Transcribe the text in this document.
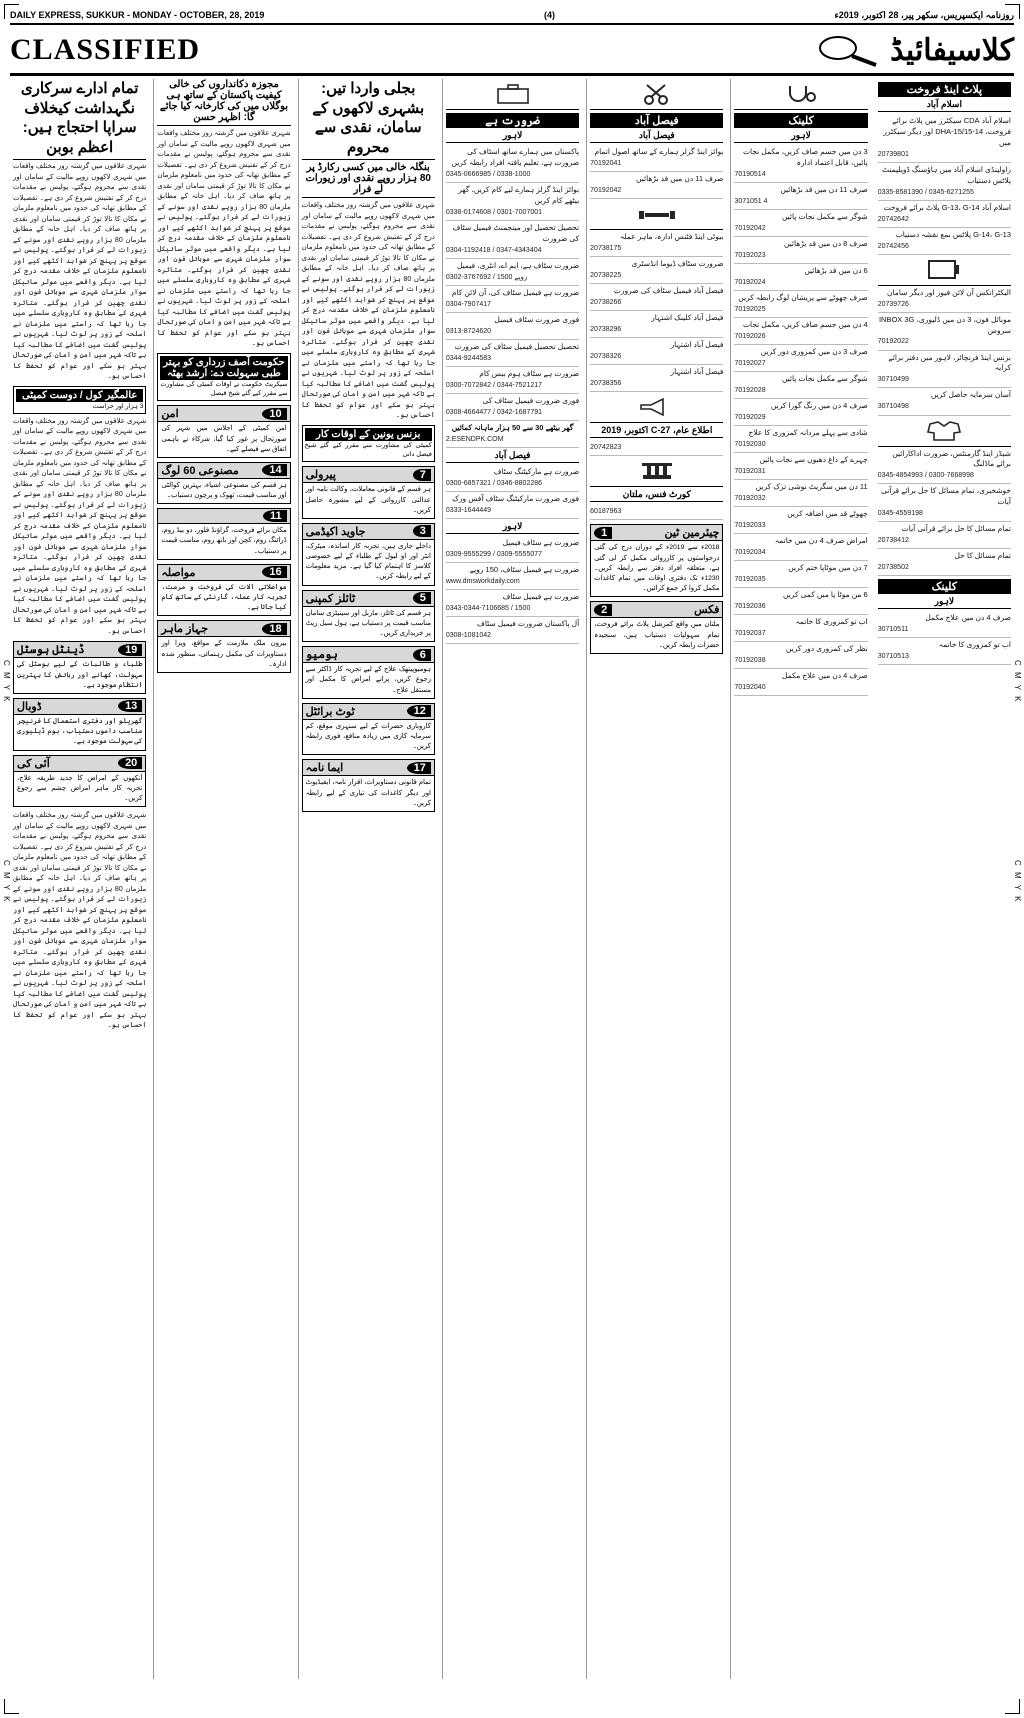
C M Y K
C M Y K
C M Y K
C M Y K
DAILY EXPRESS, SUKKUR - MONDAY - OCTOBER, 28, 2019	(4)	روزنامہ ایکسپریس، سکھر پیر، 28 اکتوبر، 2019ء
CLASSIFIED	کلاسیفائیڈ
پلاٹ اینڈ فروخت
اسلام آباد
اسلام آباد CDA سیکٹرز میں پلاٹ برائے فروخت، DHA-15/15-14 اور دیگر سیکٹرز میں
20739801
راولپنڈی اسلام آباد میں ہاؤسنگ ڈویلپمنٹ پلاٹس دستیاب
0335-8581390 / 0345-6271255
اسلام آباد G-13، G-14 پلاٹ برائے فروخت
20742642
G-14، G-13 پلاٹس بمع نقشہ دستیاب
20742456
الیکٹرانکس آن لائن فیوز اور دیگر سامان
20739726
موبائل فون، 3 دن میں ڈلیوری، INBOX 3G سروس
70192022
بزنس اینڈ فرنچائز، لاہور میں دفتر برائے کرایہ
30710499
آسان سرمایہ حاصل کریں
30710498
شیڈز اینڈ گارمنٹس، ضرورت اداکارائیں برائے ماڈلنگ
0345-4854993 / 0300-7668998
خوشخبری، تمام مسائل کا حل برائے قرآنی آیات
0345-4559198
تمام مسائل کا حل برائے قرآنی آیات
20738412
تمام مسائل کا حل
20738502
کلینک
لاہور
صرف 4 دن میں علاج مکمل
30710511
اب تو کمزوری کا خاتمہ
30710513
کلینک
لاہور
3 دن میں جسم صاف کریں، مکمل نجات پائیں، قابل اعتماد ادارہ
70190514
صرف 11 دن میں قد بڑھائیں
3071051 4
شوگر سے مکمل نجات پائیں
70192042
صرف 8 دن میں قد بڑھائیں
70192023
6 دن میں قد بڑھائیں
70192024
صرف چھوٹے سے پریشان لوگ رابطہ کریں
70192025
4 دن میں جسم صاف کریں، مکمل نجات
70192026
صرف 3 دن میں کمزوری دور کریں
70192027
شوگر سے مکمل نجات پائیں
70192028
صرف 4 دن میں رنگ گورا کریں
70192029
شادی سے پہلے مردانہ کمزوری کا علاج
70192030
چہرے کے داغ دھبوں سے نجات پائیں
70192031
11 دن میں سگریٹ نوشی ترک کریں
70192032
چھوٹے قد میں اضافہ کریں
70192033
امراض صرف 4 دن میں خاتمہ
70192034
7 دن میں موٹاپا ختم کریں
70192035
6 من موٹا پا میں کمی کریں
70192036
اب تو کمزوری کا خاتمہ
70192037
نظر کی کمزوری دور کریں
70192038
صرف 4 دن میں علاج مکمل
70192040
فیصل آباد
فیصل آباد
بوائز اینڈ گرلز ہمارے کے ساتھ اصول اتمام
70192041
صرف 11 دن میں قد بڑھائیں
70192042
بیوٹی اینڈ فٹنس ادارہ، ماہر عملہ
20738175
ضرورت سٹاف ڈیوما انڈسٹری
20738225
فیصل آباد فیمیل سٹاف کی ضرورت
20738266
فیصل آباد کلینک اشتہار
20738296
فیصل آباد اشتہار
20738326
فیصل آباد اشتہار
20738356
اطلاع عام، 27-C اکتوبر، 2019
20742823
کورٹ فنس، ملتان
60187963
1	چیئرمین ٹین
2018ء سے 2019ء کے دوران درج کی گئی درخواستوں پر کارروائی مکمل کر لی گئی ہے، متعلقہ افراد دفتر سے رابطہ کریں۔ 1230ء تک دفتری اوقات میں تمام کاغذات مکمل کروا کر جمع کرائیں۔
2	فکس
ملتان میں واقع کمرشل پلاٹ برائے فروخت، تمام سہولیات دستیاب ہیں، سنجیدہ حضرات رابطہ کریں۔
ضرورت ہے
لاہور
پاکستان میں ہمارے ساتھ اسٹاف کی ضرورت ہے، تعلیم یافتہ افراد رابطہ کریں
0345-0666985 / 0338-1000
بوائز اینڈ گرلز ہمارے لیے کام کریں، گھر بیٹھے کام کریں
0338-0174608 / 0301-7007001
تحصیل تحصیل اور مینجمنٹ فیمیل سٹاف کی ضرورت
0304-1192418 / 0347-4343404
ضرورت سٹاف ہے، ایم اے، انٹری، فیمیل
0302-3767692 / 1500 روپے
ضرورت ہے فیمیل سٹاف کی، آن لائن کام
0304-7907417
فوری ضرورت سٹاف فیمیل
0313-8724620
تحصیل تحصیل فیمیل سٹاف کی ضرورت
0344-9244583
ضرورت ہے سٹاف ہوم بیس کام
0300-7072842 / 0344-7521217
فوری ضرورت فیمیل سٹاف کی
0308-4664477 / 0342-1687791
گھر بیٹھے 30 سے 50 ہزار ماہانہ کمائیں
2.ESENDPK.COM
فیصل آباد
ضرورت ہے مارکیٹنگ سٹاف
0300-6857321 / 0346-8802286
فوری ضرورت مارکیٹنگ سٹاف آفس ورک
0333-1644449
لاہور
ضرورت ہے سٹاف فیمیل
0309-9555299 / 0309-5555077
ضرورت ہے فیمیل سٹاف، 150 روپے
www.dmsworkdaily.com
ضرورت ہے فیمیل سٹاف
0343-0344-7106685 / 1500
آل پاکستان ضرورت فیمیل سٹاف
0308-1081042
بجلی واردا تیں: بشہری لاکھوں کے سامان، نقدی سے محروم
بنگلہ خالی میں کسی رکارڈ پر 80 ہزار روپے نقدی اور زیورات لے فرار
شہری علاقوں میں گزشتہ روز مختلف واقعات میں شہری لاکھوں روپے مالیت کے سامان اور نقدی سے محروم ہوگئے، پولیس نے مقدمات درج کر کے تفتیش شروع کر دی ہے۔ تفصیلات کے مطابق تھانہ کی حدود میں نامعلوم ملزمان نے مکان کا تالا توڑ کر قیمتی سامان اور نقدی پر ہاتھ صاف کر دیا۔ اہل خانہ کے مطابق ملزمان 80 ہزار روپے نقدی اور سونے کے زیورات لے کر فرار ہوگئے۔ پولیس نے موقع پر پہنچ کر شواہد اکٹھے کیے اور نامعلوم ملزمان کے خلاف مقدمہ درج کر لیا ہے۔ دیگر واقعے میں موٹر سائیکل سوار ملزمان شہری سے موبائل فون اور نقدی چھین کر فرار ہوگئے۔ متاثرہ شہری کے مطابق وہ کاروباری سلسلے میں جا رہا تھا کہ راستے میں ملزمان نے اسلحہ کے زور پر لوٹ لیا۔ شہریوں نے پولیس گشت میں اضافے کا مطالبہ کیا ہے تاکہ شہر میں امن و امان کی صورتحال بہتر ہو سکے اور عوام کو تحفظ کا احساس ہو۔
بزنس یونین کے اوقات کار
کمیٹی کی مشاورت سے مقرر کیے گئے شیخ فیصل دانی
7
پیرولی
ہر قسم کے قانونی معاملات، وکالت نامہ اور عدالتی کارروائی کے لیے مشورہ حاصل کریں۔
3
جاوید اکیڈمی
داخلے جاری ہیں، تجربہ کار اساتذہ، میٹرک، انٹر اور او لیول کے طلباء کے لیے خصوصی کلاسز کا اہتمام کیا گیا ہے۔ مزید معلومات کے لیے رابطہ کریں۔
5
ٹائلز کمپنی
ہر قسم کی ٹائلز، ماربل اور سینیٹری سامان مناسب قیمت پر دستیاب ہے، ہول سیل ریٹ پر خریداری کریں۔
6
ہومیو
ہومیوپیتھک علاج کے لیے تجربہ کار ڈاکٹر سے رجوع کریں، پرانے امراض کا مکمل اور مستقل علاج۔
12
ٹوٹ برائٹل
کاروباری حضرات کے لیے سنہری موقع، کم سرمایہ کاری میں زیادہ منافع، فوری رابطہ کریں۔
17
ایما نامہ
تمام قانونی دستاویزات، اقرار نامہ، ایفیڈیوٹ اور دیگر کاغذات کی تیاری کے لیے رابطہ کریں۔
مجوزہ دکانداروں کی خالی کیفیت پاکستان کے ساتھ ہی بوگلاں میں کی کارخانہ کیا جائے گا: اظہر حسن
شہری علاقوں میں گزشتہ روز مختلف واقعات میں شہری لاکھوں روپے مالیت کے سامان اور نقدی سے محروم ہوگئے، پولیس نے مقدمات درج کر کے تفتیش شروع کر دی ہے۔ تفصیلات کے مطابق تھانہ کی حدود میں نامعلوم ملزمان نے مکان کا تالا توڑ کر قیمتی سامان اور نقدی پر ہاتھ صاف کر دیا۔ اہل خانہ کے مطابق ملزمان 80 ہزار روپے نقدی اور سونے کے زیورات لے کر فرار ہوگئے۔ پولیس نے موقع پر پہنچ کر شواہد اکٹھے کیے اور نامعلوم ملزمان کے خلاف مقدمہ درج کر لیا ہے۔ دیگر واقعے میں موٹر سائیکل سوار ملزمان شہری سے موبائل فون اور نقدی چھین کر فرار ہوگئے۔ متاثرہ شہری کے مطابق وہ کاروباری سلسلے میں جا رہا تھا کہ راستے میں ملزمان نے اسلحہ کے زور پر لوٹ لیا۔ شہریوں نے پولیس گشت میں اضافے کا مطالبہ کیا ہے تاکہ شہر میں امن و امان کی صورتحال بہتر ہو سکے اور عوام کو تحفظ کا احساس ہو۔
حکومت آصف زرداری کو بہتر طبی سہولت دے: ارشد بھٹہ
سیکریٹ حکومت نے اوقات کمیٹی کی مشاورت سے مقرر کیے گئے شیخ فیصل
10
امن
امن کمیٹی کے اجلاس میں شہر کی صورتحال پر غور کیا گیا، شرکاء نے باہمی اتفاق سے فیصلے کیے۔
14
مصنوعی 60 لوگ
ہر قسم کی مصنوعی اشیاء، بہترین کوالٹی اور مناسب قیمت، تھوک و پرچون دستیاب۔
11
مکان برائے فروخت، گراؤنڈ فلور، دو بیڈ روم، ڈرائنگ روم، کچن اور باتھ روم، مناسب قیمت پر دستیاب۔
16
مواصلہ
مواصلاتی آلات کی فروخت و مرمت، تجربہ کار عملہ، گارنٹی کے ساتھ کام کیا جاتا ہے۔
18
جہاز ماہر
بیرون ملک ملازمت کے مواقع، ویزا اور دستاویزات کی مکمل رہنمائی، منظور شدہ ادارہ۔
تمام ادارے سرکاری نگہداشت کیخلاف سراپا احتجاج ہیں: اعظم بوبن
شہری علاقوں میں گزشتہ روز مختلف واقعات میں شہری لاکھوں روپے مالیت کے سامان اور نقدی سے محروم ہوگئے، پولیس نے مقدمات درج کر کے تفتیش شروع کر دی ہے۔ تفصیلات کے مطابق تھانہ کی حدود میں نامعلوم ملزمان نے مکان کا تالا توڑ کر قیمتی سامان اور نقدی پر ہاتھ صاف کر دیا۔ اہل خانہ کے مطابق ملزمان 80 ہزار روپے نقدی اور سونے کے زیورات لے کر فرار ہوگئے۔ پولیس نے موقع پر پہنچ کر شواہد اکٹھے کیے اور نامعلوم ملزمان کے خلاف مقدمہ درج کر لیا ہے۔ دیگر واقعے میں موٹر سائیکل سوار ملزمان شہری سے موبائل فون اور نقدی چھین کر فرار ہوگئے۔ متاثرہ شہری کے مطابق وہ کاروباری سلسلے میں جا رہا تھا کہ راستے میں ملزمان نے اسلحہ کے زور پر لوٹ لیا۔ شہریوں نے پولیس گشت میں اضافے کا مطالبہ کیا ہے تاکہ شہر میں امن و امان کی صورتحال بہتر ہو سکے اور عوام کو تحفظ کا احساس ہو۔
عالمگیر کول / دوست کمیٹی
3 ہزار اور حراست
شہری علاقوں میں گزشتہ روز مختلف واقعات میں شہری لاکھوں روپے مالیت کے سامان اور نقدی سے محروم ہوگئے، پولیس نے مقدمات درج کر کے تفتیش شروع کر دی ہے۔ تفصیلات کے مطابق تھانہ کی حدود میں نامعلوم ملزمان نے مکان کا تالا توڑ کر قیمتی سامان اور نقدی پر ہاتھ صاف کر دیا۔ اہل خانہ کے مطابق ملزمان 80 ہزار روپے نقدی اور سونے کے زیورات لے کر فرار ہوگئے۔ پولیس نے موقع پر پہنچ کر شواہد اکٹھے کیے اور نامعلوم ملزمان کے خلاف مقدمہ درج کر لیا ہے۔ دیگر واقعے میں موٹر سائیکل سوار ملزمان شہری سے موبائل فون اور نقدی چھین کر فرار ہوگئے۔ متاثرہ شہری کے مطابق وہ کاروباری سلسلے میں جا رہا تھا کہ راستے میں ملزمان نے اسلحہ کے زور پر لوٹ لیا۔ شہریوں نے پولیس گشت میں اضافے کا مطالبہ کیا ہے تاکہ شہر میں امن و امان کی صورتحال بہتر ہو سکے اور عوام کو تحفظ کا احساس ہو۔
19
ڈینٹل ہوسٹل
طلباء و طالبات کے لیے ہوسٹل کی سہولت، کھانے اور رہائش کا بہترین انتظام موجود ہے۔
13
ڈوبال
گھریلو اور دفتری استعمال کا فرنیچر مناسب داموں دستیاب، ہوم ڈیلیوری کی سہولت موجود ہے۔
20
آئی کی
آنکھوں کے امراض کا جدید طریقہ علاج، تجربہ کار ماہر امراض چشم سے رجوع کریں۔
شہری علاقوں میں گزشتہ روز مختلف واقعات میں شہری لاکھوں روپے مالیت کے سامان اور نقدی سے محروم ہوگئے، پولیس نے مقدمات درج کر کے تفتیش شروع کر دی ہے۔ تفصیلات کے مطابق تھانہ کی حدود میں نامعلوم ملزمان نے مکان کا تالا توڑ کر قیمتی سامان اور نقدی پر ہاتھ صاف کر دیا۔ اہل خانہ کے مطابق ملزمان 80 ہزار روپے نقدی اور سونے کے زیورات لے کر فرار ہوگئے۔ پولیس نے موقع پر پہنچ کر شواہد اکٹھے کیے اور نامعلوم ملزمان کے خلاف مقدمہ درج کر لیا ہے۔ دیگر واقعے میں موٹر سائیکل سوار ملزمان شہری سے موبائل فون اور نقدی چھین کر فرار ہوگئے۔ متاثرہ شہری کے مطابق وہ کاروباری سلسلے میں جا رہا تھا کہ راستے میں ملزمان نے اسلحہ کے زور پر لوٹ لیا۔ شہریوں نے پولیس گشت میں اضافے کا مطالبہ کیا ہے تاکہ شہر میں امن و امان کی صورتحال بہتر ہو سکے اور عوام کو تحفظ کا احساس ہو۔
